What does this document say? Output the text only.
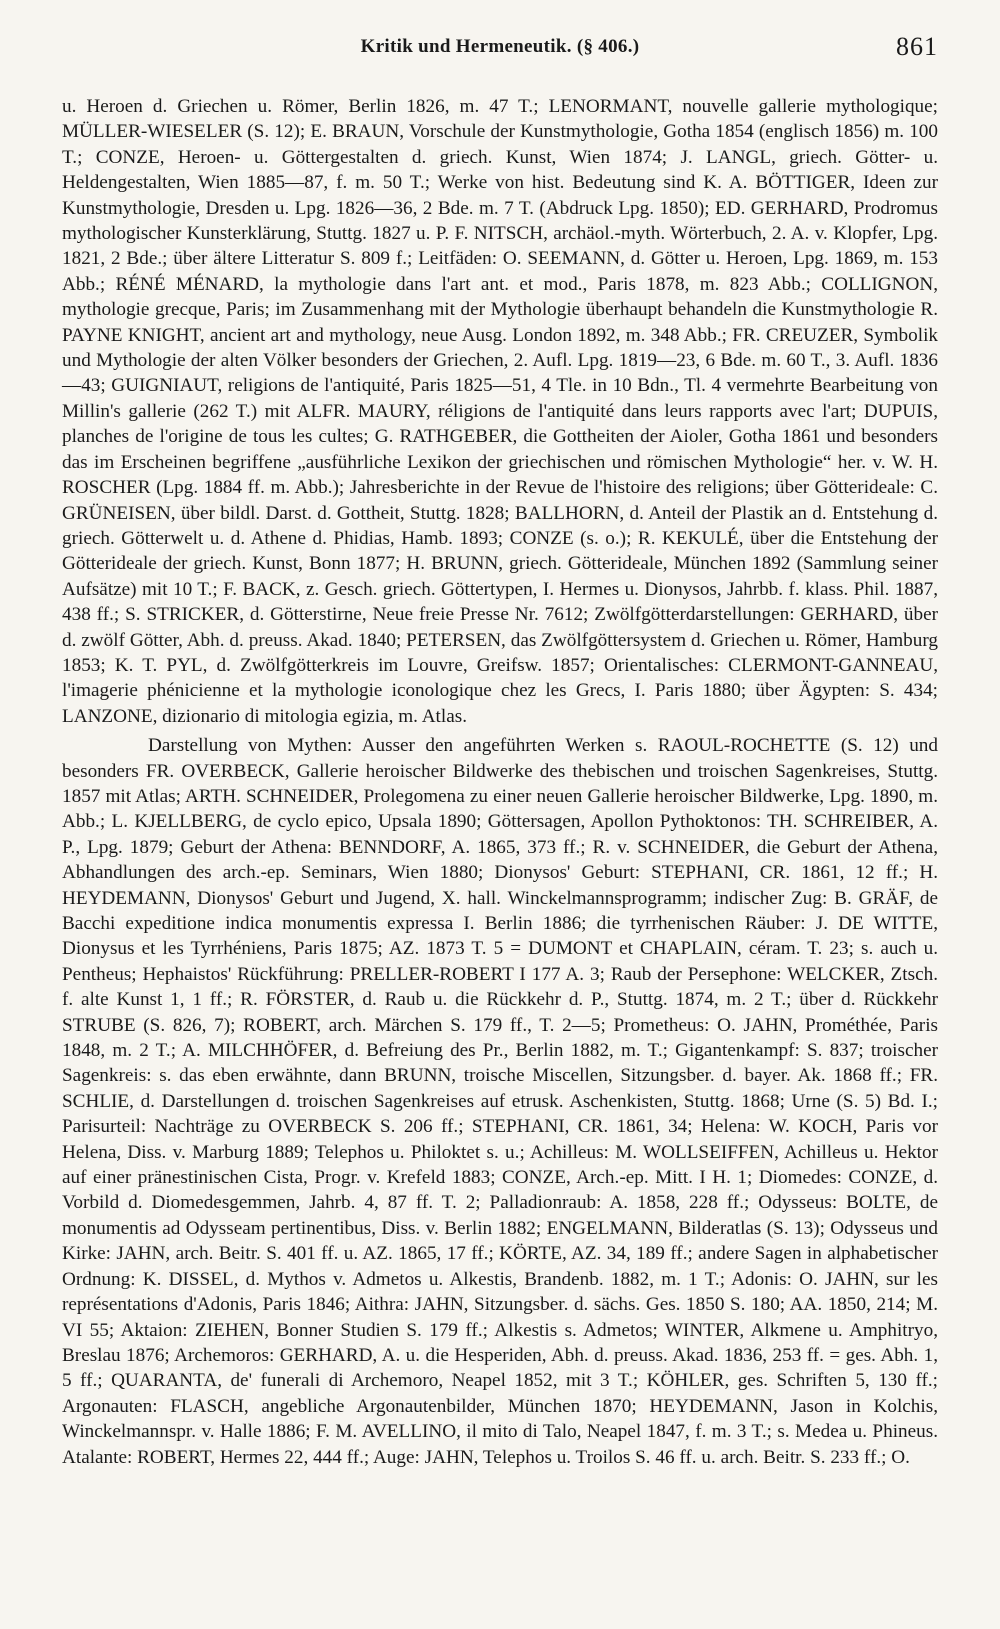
Kritik und Hermeneutik. (§ 406.)	861

u. Heroen d. Griechen u. Römer, Berlin 1826, m. 47 T.; LENORMANT, nouvelle gallerie mythologique; MÜLLER-WIESELER (S. 12); E. BRAUN, Vorschule der Kunstmythologie, Gotha 1854 (englisch 1856) m. 100 T.; CONZE, Heroen- u. Göttergestalten d. griech. Kunst, Wien 1874; J. LANGL, griech. Götter- u. Heldengestalten, Wien 1885—87, f. m. 50 T.; Werke von hist. Bedeutung sind K. A. BÖTTIGER, Ideen zur Kunstmythologie, Dresden u. Lpg. 1826—36, 2 Bde. m. 7 T. (Abdruck Lpg. 1850); ED. GERHARD, Prodromus mythologischer Kunsterklärung, Stuttg. 1827 u. P. F. NITSCH, archäol.-myth. Wörterbuch, 2. A. v. Klopfer, Lpg. 1821, 2 Bde.; über ältere Litteratur S. 809 f.; Leitfäden: O. SEEMANN, d. Götter u. Heroen, Lpg. 1869, m. 153 Abb.; RÉNÉ MÉNARD, la mythologie dans l'art ant. et mod., Paris 1878, m. 823 Abb.; COLLIGNON, mythologie grecque, Paris; im Zusammenhang mit der Mythologie überhaupt behandeln die Kunstmythologie R. PAYNE KNIGHT, ancient art and mythology, neue Ausg. London 1892, m. 348 Abb.; FR. CREUZER, Symbolik und Mythologie der alten Völker besonders der Griechen, 2. Aufl. Lpg. 1819—23, 6 Bde. m. 60 T., 3. Aufl. 1836—43; GUIGNIAUT, religions de l'antiquité, Paris 1825—51, 4 Tle. in 10 Bdn., Tl. 4 vermehrte Bearbeitung von Millin's gallerie (262 T.) mit ALFR. MAURY, réligions de l'antiquité dans leurs rapports avec l'art; DUPUIS, planches de l'origine de tous les cultes; G. RATHGEBER, die Gottheiten der Aioler, Gotha 1861 und besonders das im Erscheinen begriffene „ausführliche Lexikon der griechischen und römischen Mythologie“ her. v. W. H. ROSCHER (Lpg. 1884 ff. m. Abb.); Jahresberichte in der Revue de l'histoire des religions; über Götterideale: C. GRÜNEISEN, über bildl. Darst. d. Gottheit, Stuttg. 1828; BALLHORN, d. Anteil der Plastik an d. Entstehung d. griech. Götterwelt u. d. Athene d. Phidias, Hamb. 1893; CONZE (s. o.); R. KEKULÉ, über die Entstehung der Götterideale der griech. Kunst, Bonn 1877; H. BRUNN, griech. Götterideale, München 1892 (Sammlung seiner Aufsätze) mit 10 T.; F. BACK, z. Gesch. griech. Göttertypen, I. Hermes u. Dionysos, Jahrbb. f. klass. Phil. 1887, 438 ff.; S. STRICKER, d. Götterstirne, Neue freie Presse Nr. 7612; Zwölfgötterdarstellungen: GERHARD, über d. zwölf Götter, Abh. d. preuss. Akad. 1840; PETERSEN, das Zwölfgöttersystem d. Griechen u. Römer, Hamburg 1853; K. T. PYL, d. Zwölfgötterkreis im Louvre, Greifsw. 1857; Orientalisches: CLERMONT-GANNEAU, l'imagerie phénicienne et la mythologie iconologique chez les Grecs, I. Paris 1880; über Ägypten: S. 434; LANZONE, dizionario di mitologia egizia, m. Atlas.

Darstellung von Mythen: Ausser den angeführten Werken s. RAOUL-ROCHETTE (S. 12) und besonders FR. OVERBECK, Gallerie heroischer Bildwerke des thebischen und troischen Sagenkreises, Stuttg. 1857 mit Atlas; ARTH. SCHNEIDER, Prolegomena zu einer neuen Gallerie heroischer Bildwerke, Lpg. 1890, m. Abb.; L. KJELLBERG, de cyclo epico, Upsala 1890; Göttersagen, Apollon Pythoktonos: TH. SCHREIBER, A. P., Lpg. 1879; Geburt der Athena: BENNDORF, A. 1865, 373 ff.; R. v. SCHNEIDER, die Geburt der Athena, Abhandlungen des arch.-ep. Seminars, Wien 1880; Dionysos' Geburt: STEPHANI, CR. 1861, 12 ff.; H. HEYDEMANN, Dionysos' Geburt und Jugend, X. hall. Winckelmannsprogramm; indischer Zug: B. GRÄF, de Bacchi expeditione indica monumentis expressa I. Berlin 1886; die tyrrhenischen Räuber: J. DE WITTE, Dionysus et les Tyrrhéniens, Paris 1875; AZ. 1873 T. 5 = DUMONT et CHAPLAIN, céram. T. 23; s. auch u. Pentheus; Hephaistos' Rückführung: PRELLER-ROBERT I 177 A. 3; Raub der Persephone: WELCKER, Ztsch. f. alte Kunst 1, 1 ff.; R. FÖRSTER, d. Raub u. die Rückkehr d. P., Stuttg. 1874, m. 2 T.; über d. Rückkehr STRUBE (S. 826, 7); ROBERT, arch. Märchen S. 179 ff., T. 2—5; Prometheus: O. JAHN, Prométhée, Paris 1848, m. 2 T.; A. MILCHHÖFER, d. Befreiung des Pr., Berlin 1882, m. T.; Gigantenkampf: S. 837; troischer Sagenkreis: s. das eben erwähnte, dann BRUNN, troische Miscellen, Sitzungsber. d. bayer. Ak. 1868 ff.; FR. SCHLIE, d. Darstellungen d. troischen Sagenkreises auf etrusk. Aschenkisten, Stuttg. 1868; Urne (S. 5) Bd. I.; Parisurteil: Nachträge zu OVERBECK S. 206 ff.; STEPHANI, CR. 1861, 34; Helena: W. KOCH, Paris vor Helena, Diss. v. Marburg 1889; Telephos u. Philoktet s. u.; Achilleus: M. WOLLSEIFFEN, Achilleus u. Hektor auf einer pränestinischen Cista, Progr. v. Krefeld 1883; CONZE, Arch.-ep. Mitt. I H. 1; Diomedes: CONZE, d. Vorbild d. Diomedesgemmen, Jahrb. 4, 87 ff. T. 2; Palladionraub: A. 1858, 228 ff.; Odysseus: BOLTE, de monumentis ad Odysseam pertinentibus, Diss. v. Berlin 1882; ENGELMANN, Bilderatlas (S. 13); Odysseus und Kirke: JAHN, arch. Beitr. S. 401 ff. u. AZ. 1865, 17 ff.; KÖRTE, AZ. 34, 189 ff.; andere Sagen in alphabetischer Ordnung: K. DISSEL, d. Mythos v. Admetos u. Alkestis, Brandenb. 1882, m. 1 T.; Adonis: O. JAHN, sur les représentations d'Adonis, Paris 1846; Aithra: JAHN, Sitzungsber. d. sächs. Ges. 1850 S. 180; AA. 1850, 214; M. VI 55; Aktaion: ZIEHEN, Bonner Studien S. 179 ff.; Alkestis s. Admetos; WINTER, Alkmene u. Amphitryo, Breslau 1876; Archemoros: GERHARD, A. u. die Hesperiden, Abh. d. preuss. Akad. 1836, 253 ff. = ges. Abh. 1, 5 ff.; QUARANTA, de' funerali di Archemoro, Neapel 1852, mit 3 T.; KÖHLER, ges. Schriften 5, 130 ff.; Argonauten: FLASCH, angebliche Argonautenbilder, München 1870; HEYDEMANN, Jason in Kolchis, Winckelmannspr. v. Halle 1886; F. M. AVELLINO, il mito di Talo, Neapel 1847, f. m. 3 T.; s. Medea u. Phineus. Atalante: ROBERT, Hermes 22, 444 ff.; Auge: JAHN, Telephos u. Troilos S. 46 ff. u. arch. Beitr. S. 233 ff.; O.
